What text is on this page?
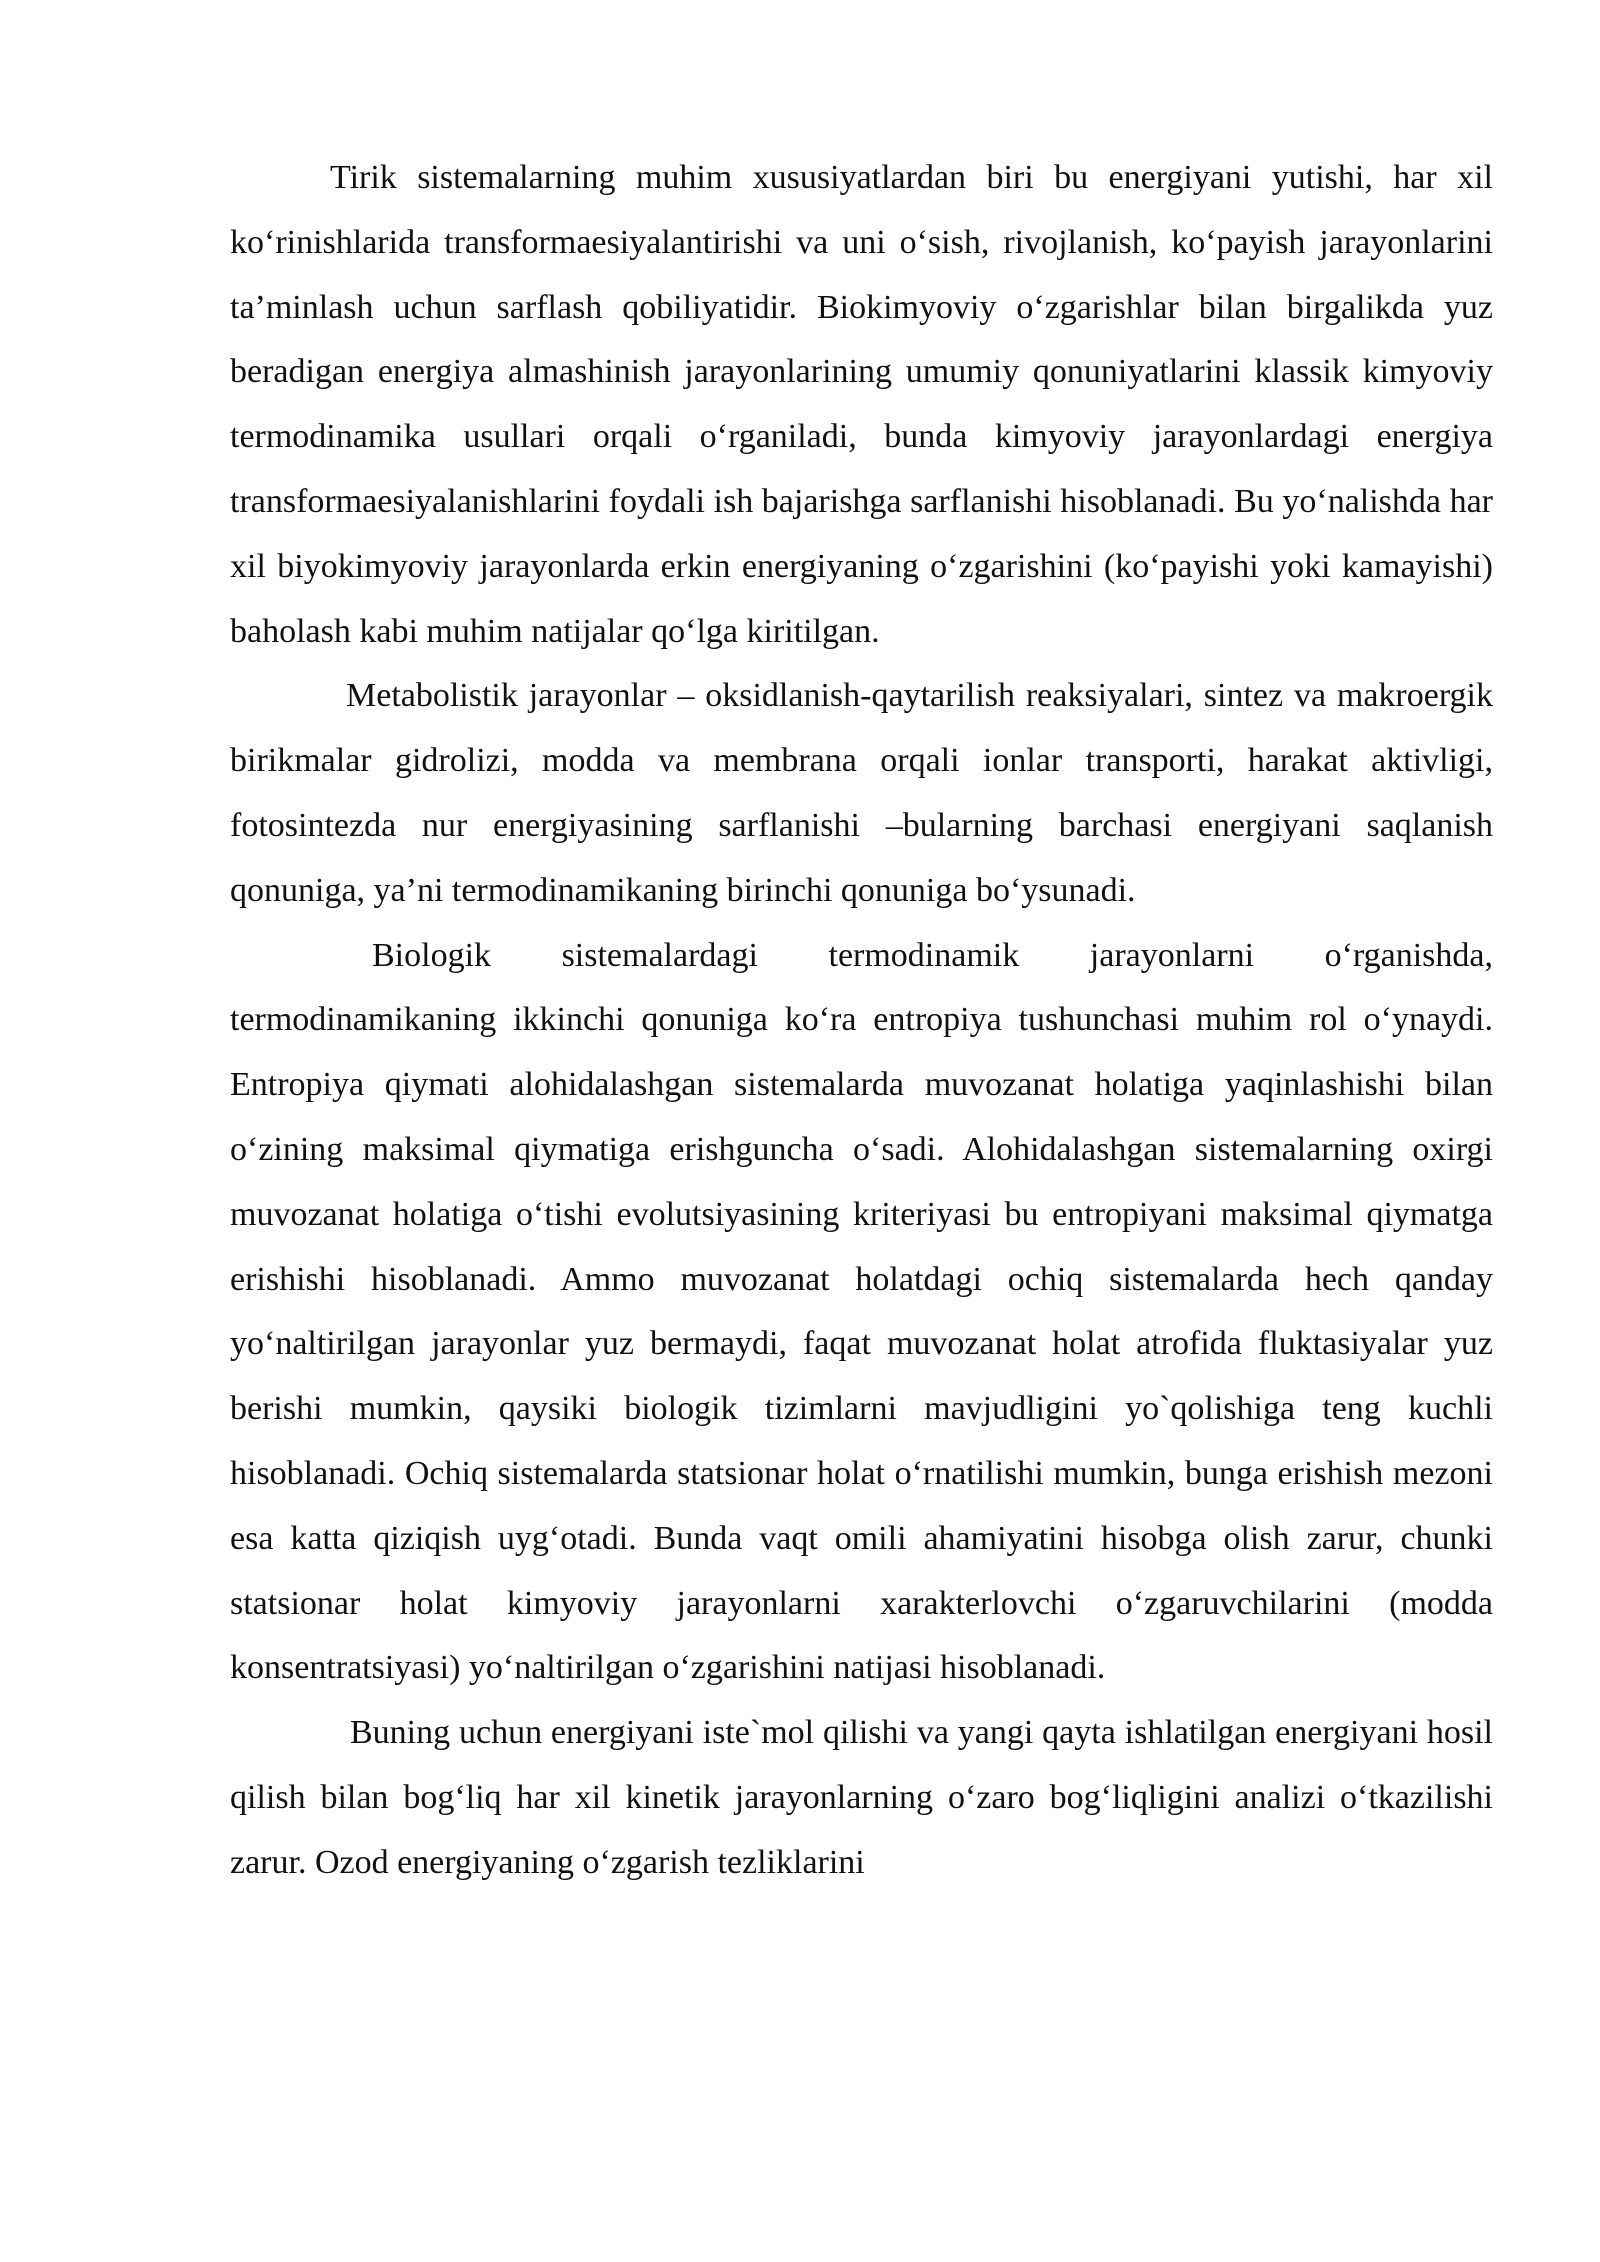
Tirik sistemalarning muhim xususiyatlardan biri bu energiyani yutishi, har xil ko‘rinishlarida transformaesiyalantirishi va uni o‘sish, rivojlanish, ko‘payish jarayonlarini ta’minlash uchun sarflash qobiliyatidir. Biokimyoviy o‘zgarishlar bilan birgalikda yuz beradigan energiya almashinish jarayonlarining umumiy qonuniyatlarini klassik kimyoviy termodinamika usullari orqali o‘rganiladi, bunda kimyoviy jarayonlardagi energiya transformaesiyalanishlarini foydali ish bajarishga sarflanishi hisoblanadi. Bu yo‘nalishda har xil biyokimyoviy jarayonlarda erkin energiyaning o‘zgarishini (ko‘payishi yoki kamayishi) baholash kabi muhim natijalar qo‘lga kiritilgan.

Metabolistik jarayonlar – oksidlanish-qaytarilish reaksiyalari, sintez va makroergik birikmalar gidrolizi, modda va membrana orqali ionlar transporti, harakat aktivligi, fotosintezda nur energiyasining sarflanishi –bularning barchasi energiyani saqlanish qonuniga, ya’ni termodinamikaning birinchi qonuniga bo‘ysunadi.

Biologik sistemalardagi termodinamik jarayonlarni o‘rganishda, termodinamikaning ikkinchi qonuniga ko‘ra entropiya tushunchasi muhim rol o‘ynaydi. Entropiya qiymati alohidalashgan sistemalarda muvozanat holatiga yaqinlashishi bilan o‘zining maksimal qiymatiga erishguncha o‘sadi. Alohidalashgan sistemalarning oxirgi muvozanat holatiga o‘tishi evolutsiyasining kriteriyasi bu entropiyani maksimal qiymatga erishishi hisoblanadi. Ammo muvozanat holatdagi ochiq sistemalarda hech qanday yo‘naltirilgan jarayonlar yuz bermaydi, faqat muvozanat holat atrofida fluktasiyalar yuz berishi mumkin, qaysiki biologik tizimlarni mavjudligini yo`qolishiga teng kuchli hisoblanadi. Ochiq sistemalarda statsionar holat o‘rnatilishi mumkin, bunga erishish mezoni esa katta qiziqish uyg‘otadi. Bunda vaqt omili ahamiyatini hisobga olish zarur, chunki statsionar holat kimyoviy jarayonlarni xarakterlovchi o‘zgaruvchilarini (modda konsentratsiyasi) yo‘naltirilgan o‘zgarishini natijasi hisoblanadi.

Buning uchun energiyani iste`mol qilishi va yangi qayta ishlatilgan energiyani hosil qilish bilan bog‘liq har xil kinetik jarayonlarning o‘zaro bog‘liqligini analizi o‘tkazilishi zarur. Ozod energiyaning o‘zgarish tezliklarini
